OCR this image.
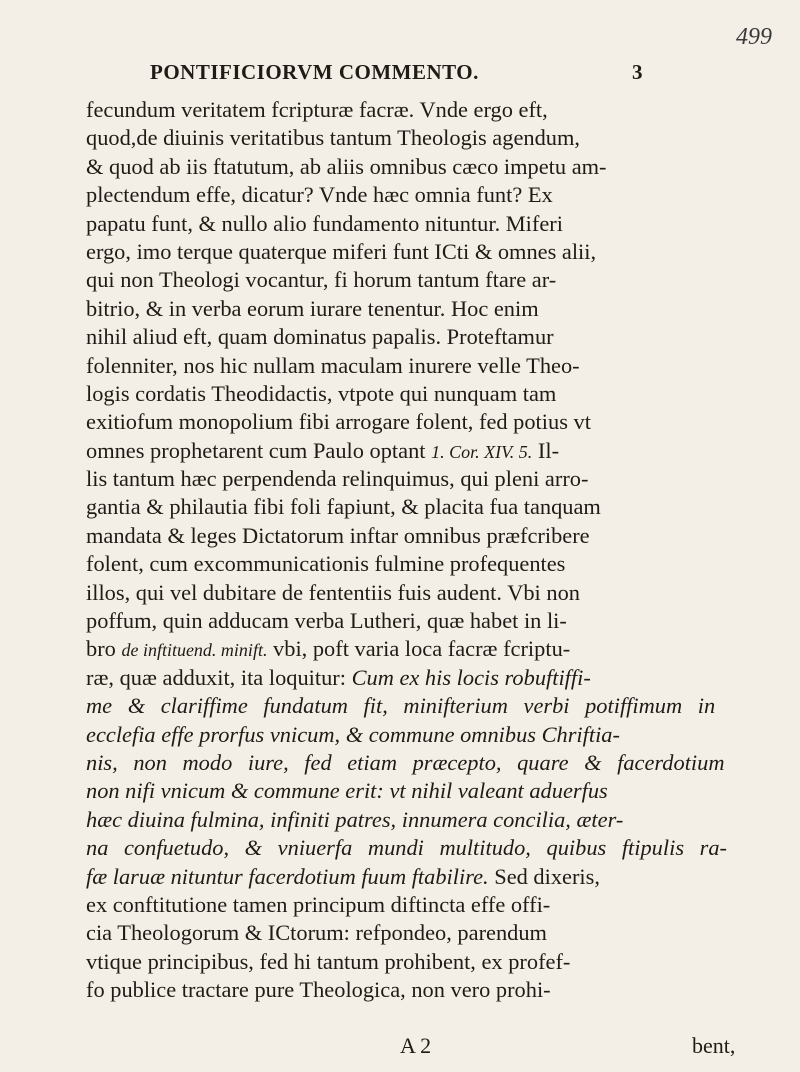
499
PONTIFICIORVM COMMENTO.	3
fecundum veritatem fcripturæ facræ. Vnde ergo eft,
quod,de diuinis veritatibus tantum Theologis agendum,
& quod ab iis ftatutum, ab aliis omnibus cæco impetu am-
plectendum effe, dicatur? Vnde hæc omnia funt? Ex
papatu funt, & nullo alio fundamento nituntur. Miferi
ergo, imo terque quaterque miferi funt ICti & omnes alii,
qui non Theologi vocantur, fi horum tantum ftare ar-
bitrio, & in verba eorum iurare tenentur. Hoc enim
nihil aliud eft, quam dominatus papalis. Proteftamur
folenniter, nos hic nullam maculam inurere velle Theo-
logis cordatis Theodidactis, vtpote qui nunquam tam
exitiofum monopolium fibi arrogare folent, fed potius vt
omnes prophetarent cum Paulo optant 1. Cor. XIV. 5. Il-
lis tantum hæc perpendenda relinquimus, qui pleni arro-
gantia & philautia fibi foli fapiunt, & placita fua tanquam
mandata & leges Dictatorum inftar omnibus præfcribere
folent, cum excommunicationis fulmine profequentes
illos, qui vel dubitare de fententiis fuis audent. Vbi non
poffum, quin adducam verba Lutheri, quæ habet in li-
bro de inftituend. minift. vbi, poft varia loca facræ fcriptu-
ræ, quæ adduxit, ita loquitur: Cum ex his locis robuftiffi-
me & clariffime fundatum fit, minifterium verbi potiffimum in
ecclefia effe prorfus vnicum, & commune omnibus Chriftia-
nis, non modo iure, fed etiam præcepto, quare & facerdotium
non nifi vnicum & commune erit: vt nihil valeant aduerfus
hæc diuina fulmina, infiniti patres, innumera concilia, æter-
na confuetudo, & vniuerfa mundi multitudo, quibus ftipulis ra-
fæ laruæ nituntur facerdotium fuum ftabilire. Sed dixeris,
ex conftitutione tamen principum diftincta effe offi-
cia Theologorum & ICtorum: refpondeo, parendum
vtique principibus, fed hi tantum prohibent, ex profef-
fo publice tractare pure Theologica, non vero prohi-
A 2	bent,
